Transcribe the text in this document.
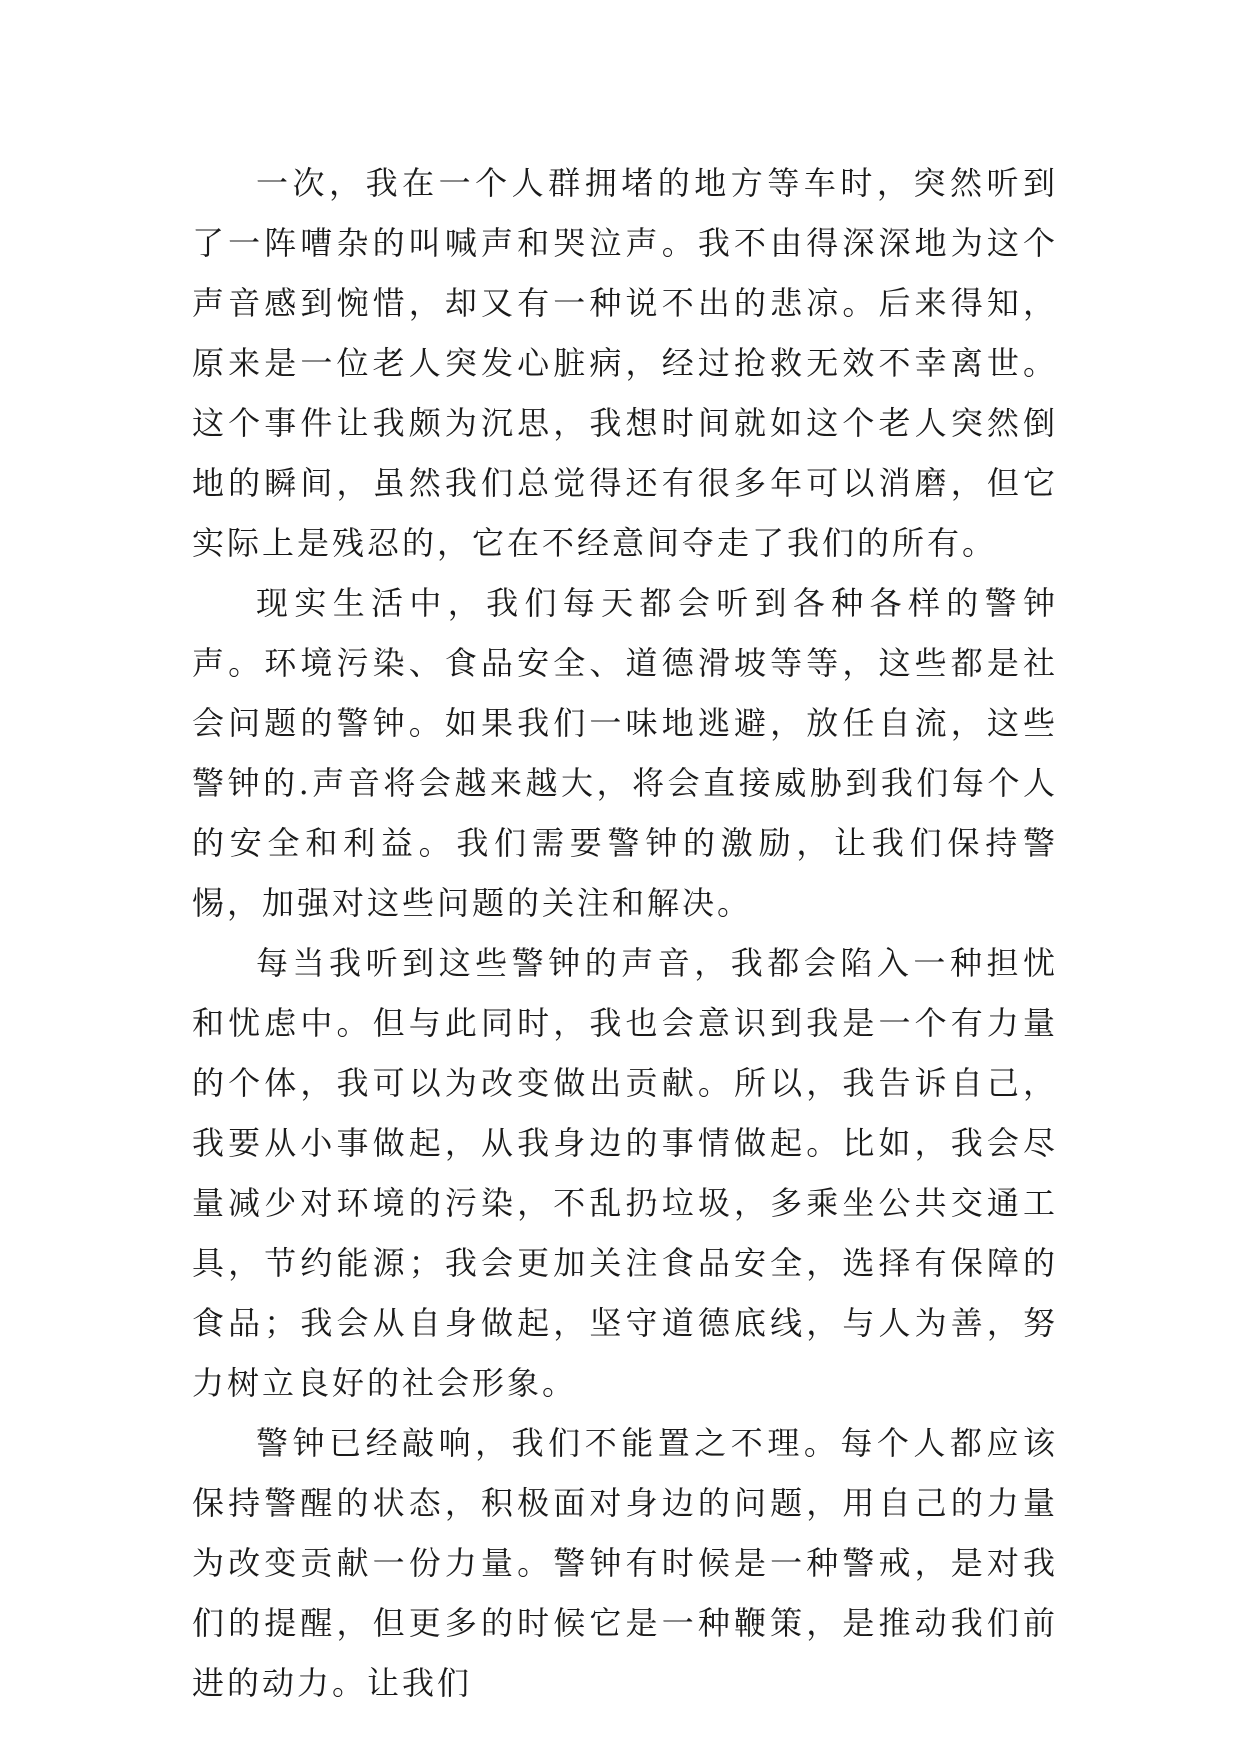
一次，我在一个人群拥堵的地方等车时，突然听到了一阵嘈杂的叫喊声和哭泣声。我不由得深深地为这个声音感到惋惜，却又有一种说不出的悲凉。后来得知，原来是一位老人突发心脏病，经过抢救无效不幸离世。这个事件让我颇为沉思，我想时间就如这个老人突然倒地的瞬间，虽然我们总觉得还有很多年可以消磨，但它实际上是残忍的，它在不经意间夺走了我们的所有。

现实生活中，我们每天都会听到各种各样的警钟声。环境污染、食品安全、道德滑坡等等，这些都是社会问题的警钟。如果我们一味地逃避，放任自流，这些警钟的.声音将会越来越大，将会直接威胁到我们每个人的安全和利益。我们需要警钟的激励，让我们保持警惕，加强对这些问题的关注和解决。

每当我听到这些警钟的声音，我都会陷入一种担忧和忧虑中。但与此同时，我也会意识到我是一个有力量的个体，我可以为改变做出贡献。所以，我告诉自己，我要从小事做起，从我身边的事情做起。比如，我会尽量减少对环境的污染，不乱扔垃圾，多乘坐公共交通工具，节约能源；我会更加关注食品安全，选择有保障的食品；我会从自身做起，坚守道德底线，与人为善，努力树立良好的社会形象。

警钟已经敲响，我们不能置之不理。每个人都应该保持警醒的状态，积极面对身边的问题，用自己的力量为改变贡献一份力量。警钟有时候是一种警戒，是对我们的提醒，但更多的时候它是一种鞭策，是推动我们前进的动力。让我们
